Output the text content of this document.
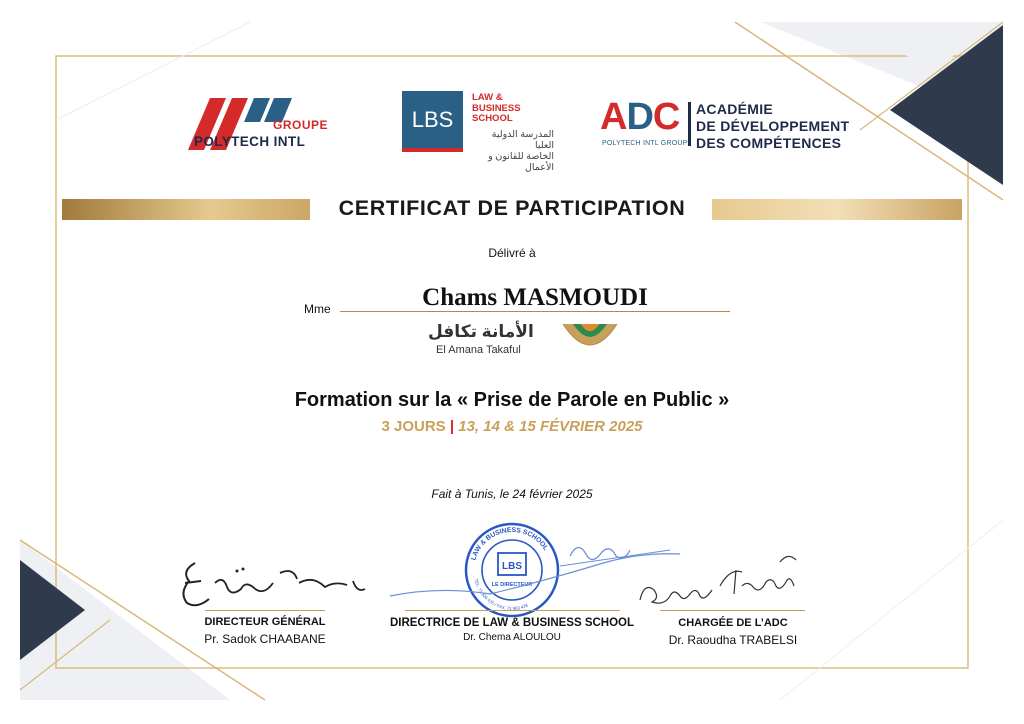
GROUPE
POLYTECH INTL
LBS
LAW &
BUSINESS
SCHOOL
المدرسة الدولية العليا
الخاصة للقانون و الأعمال
ADC
POLYTECH INTL GROUP
ACADÉMIE
DE DÉVELOPPEMENT
DES COMPÉTENCES
CERTIFICAT DE PARTICIPATION
Délivré à
Mme	Chams MASMOUDI
الأمانة تكافل
El Amana Takaful
Formation sur la « Prise de Parole en Public »
3 JOURS | 13, 14 & 15 FÉVRIER 2025
Fait à Tunis, le 24 février 2025
LBS
LE DIRECTEUR
LAW & BUSINESS SCHOOL
TEL. 71 826 425 / FAX. 71 963 428
DIRECTEUR GÉNÉRAL
Pr. Sadok CHAABANE
DIRECTRICE DE LAW & BUSINESS SCHOOL
Dr. Chema ALOULOU
CHARGÉE DE L’ADC
Dr. Raoudha TRABELSI
